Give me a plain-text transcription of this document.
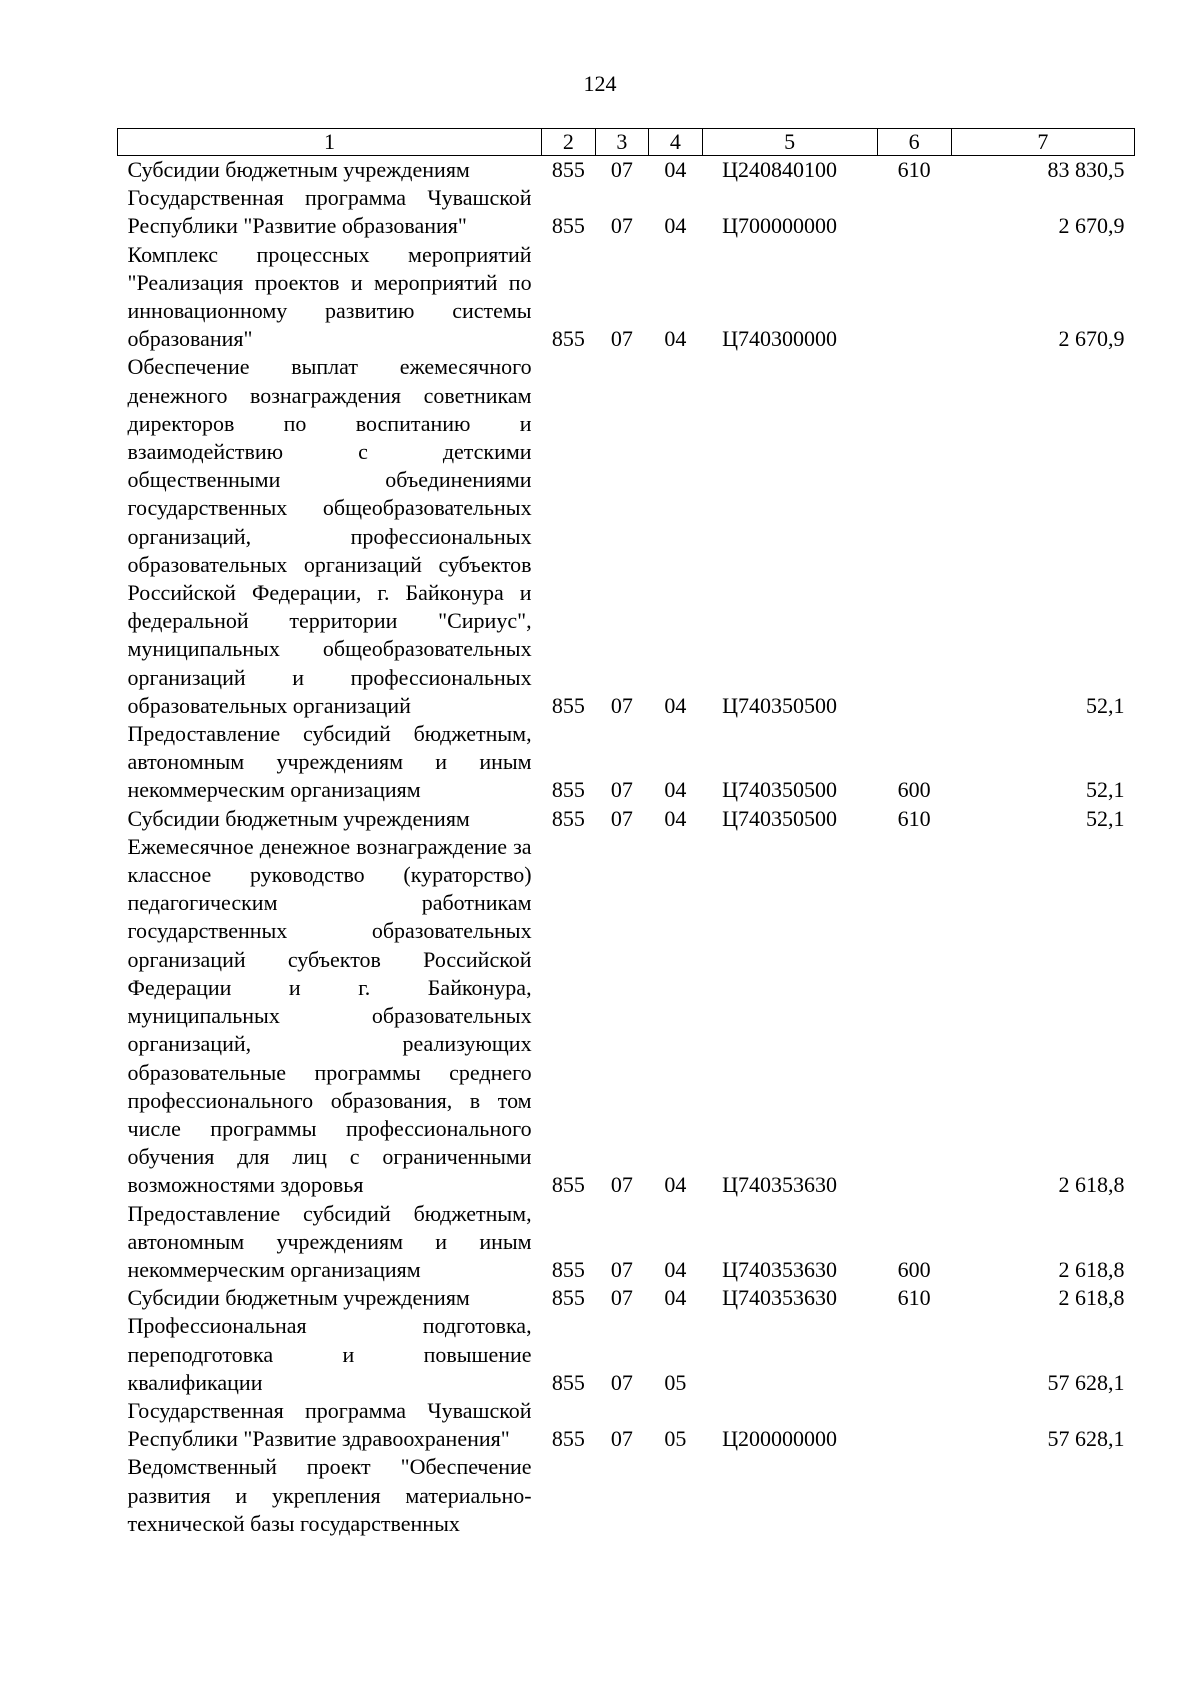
124
1	2	3	4	5	6	7
Субсидии бюджетным учреждениям	855	07	04	Ц240840100	610	83 830,5
Государственная программа Чувашской Республики "Развитие образования"	855	07	04	Ц700000000		2 670,9
Комплекс процессных мероприятий "Реализация проектов и мероприятий по инновационному развитию системы образования"	855	07	04	Ц740300000		2 670,9
Обеспечение выплат ежемесячного денежного вознаграждения советникам директоров по воспитанию и взаимодействию с детскими общественными объединениями государственных общеобразовательных организаций, профессиональных образовательных организаций субъектов Российской Федерации, г. Байконура и федеральной территории "Сириус", муниципальных общеобразовательных организаций и профессиональных образовательных организаций	855	07	04	Ц740350500		52,1
Предоставление субсидий бюджетным, автономным учреждениям и иным некоммерческим организациям	855	07	04	Ц740350500	600	52,1
Субсидии бюджетным учреждениям	855	07	04	Ц740350500	610	52,1
Ежемесячное денежное вознаграждение за классное руководство (кураторство) педагогическим работникам государственных образовательных организаций субъектов Российской Федерации и г. Байконура, муниципальных образовательных организаций, реализующих образовательные программы среднего профессионального образования, в том числе программы профессионального обучения для лиц с ограниченными возможностями здоровья	855	07	04	Ц740353630		2 618,8
Предоставление субсидий бюджетным, автономным учреждениям и иным некоммерческим организациям	855	07	04	Ц740353630	600	2 618,8
Субсидии бюджетным учреждениям	855	07	04	Ц740353630	610	2 618,8
Профессиональная подготовка, переподготовка и повышение квалификации	855	07	05			57 628,1
Государственная программа Чувашской Республики "Развитие здравоохранения"	855	07	05	Ц200000000		57 628,1
Ведомственный проект "Обеспечение развития и укрепления материально-технической базы государственных						
